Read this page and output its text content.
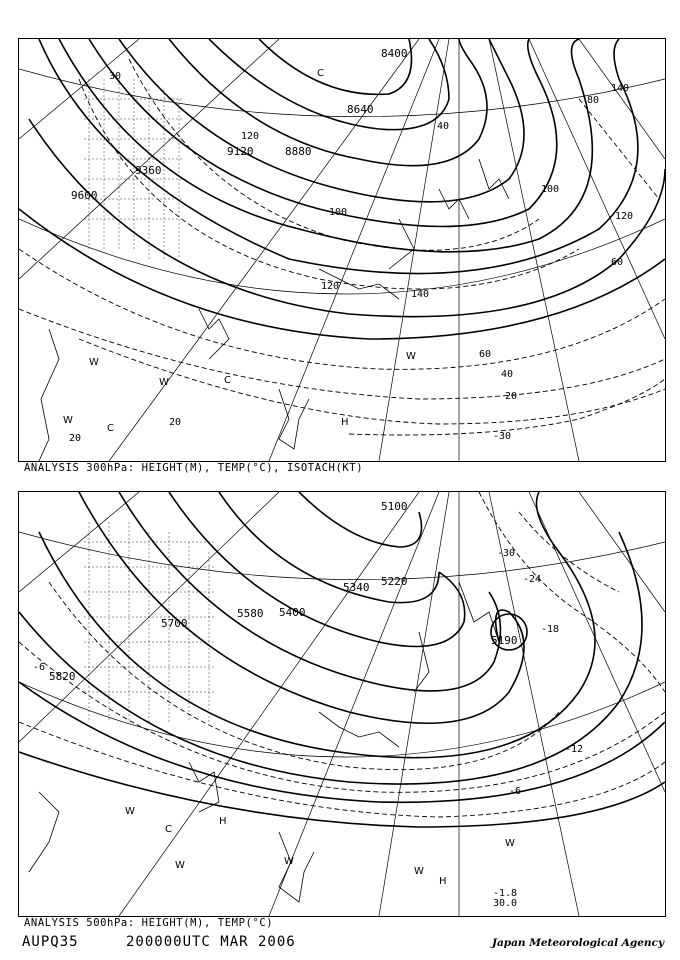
C
C
C
W
W
W
W
H
8400
8640
8880
9120
9360
9600
120
140
120
100
100
60
40
40
20
20
20
60
80
140
120
30
-30
ANALYSIS 300hPa: HEIGHT(M), TEMP(°C), ISOTACH(KT)
W
W	W
W
C
H
H
W
5100
5220
5340
5400
5580
5700
5820
5190
-30
-24
-18
-12
-6
-6
-1.8
30.0
ANALYSIS 500hPa: HEIGHT(M), TEMP(°C)
AUPQ35	200000UTC MAR 2006	Japan Meteorological Agency
